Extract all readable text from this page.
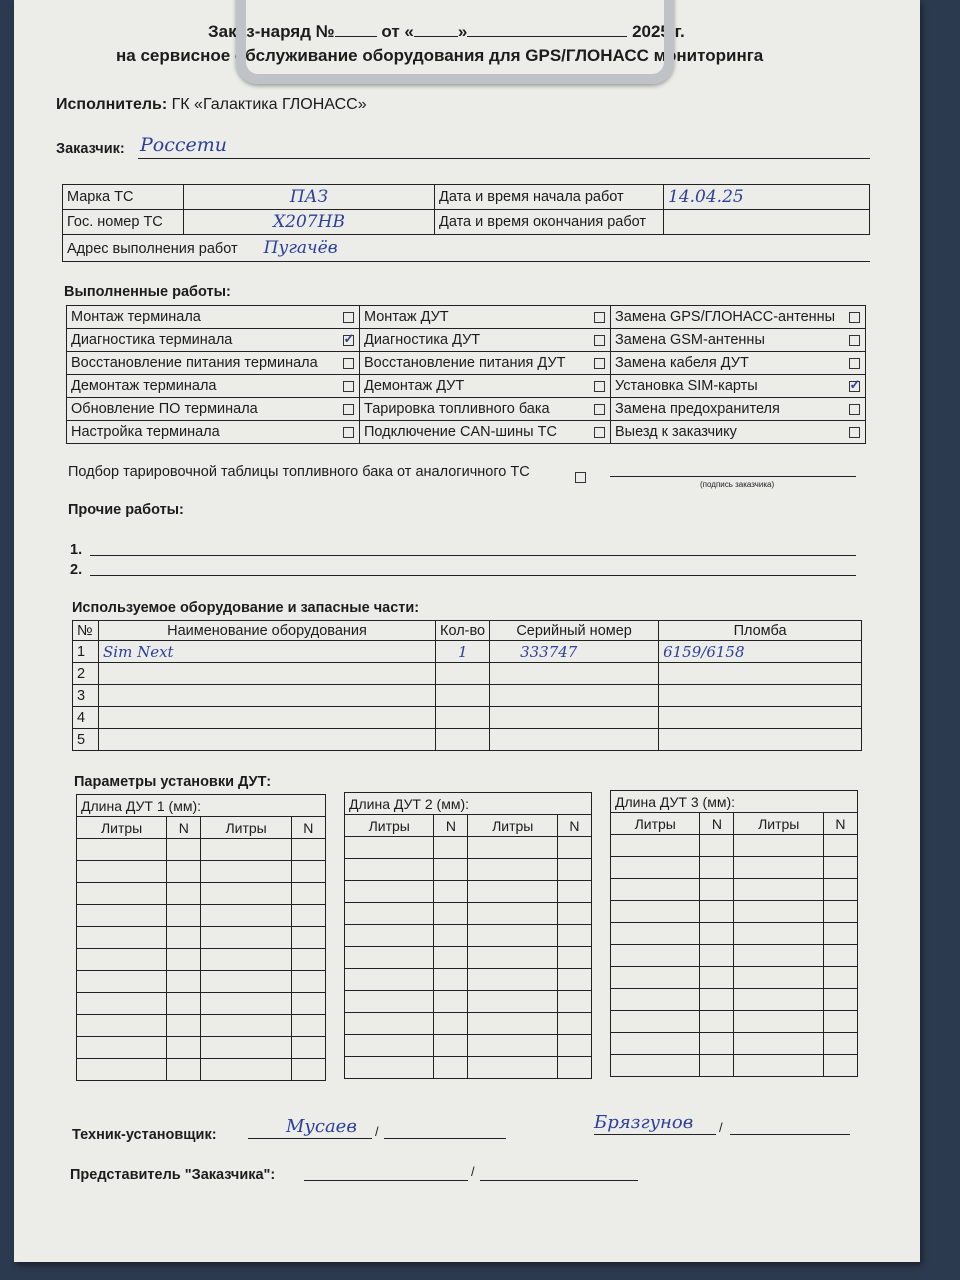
Заказ-наряд №	от «	»	2025 г.
на сервисное обслуживание оборудования для GPS/ГЛОНАСС мониторинга
Исполнитель: ГК «Галактика ГЛОНАСС»
Заказчик: Россети
Марка ТС	ПАЗ	Дата и время начала работ	14.04.25
Гос. номер ТС	Х207НВ	Дата и время окончания работ	
Адрес выполнения работ Пугачёв			
Выполненные работы:
Монтаж терминала		Монтаж ДУТ		Замена GPS/ГЛОНАСС-антенны	
Диагностика терминала	✓	Диагностика ДУТ		Замена GSM-антенны	
Восстановление питания терминала		Восстановление питания ДУТ		Замена кабеля ДУТ	
Демонтаж терминала		Демонтаж ДУТ		Установка SIM-карты	✓
Обновление ПО терминала		Тарировка топливного бака		Замена предохранителя	
Настройка терминала		Подключение CAN-шины ТС		Выезд к заказчику	
Подбор тарировочной таблицы топливного бака от аналогичного ТС
(подпись заказчика)
Прочие работы:
1.
2.
Используемое оборудование и запасные части:
№	Наименование оборудования	Кол-во	Серийный номер	Пломба
1	Sim Next	1	333747	6159/6158
2				
3				
4				
5				
Параметры установки ДУТ:
Длина ДУТ 1 (мм):			
Литры	N	Литры	N

Длина ДУТ 2 (мм):			
Литры	N	Литры	N

Длина ДУТ 3 (мм):			
Литры	N	Литры	N

Техник-установщик:	Мусаев /	Брязгунов /
Представитель "Заказчика":	/
